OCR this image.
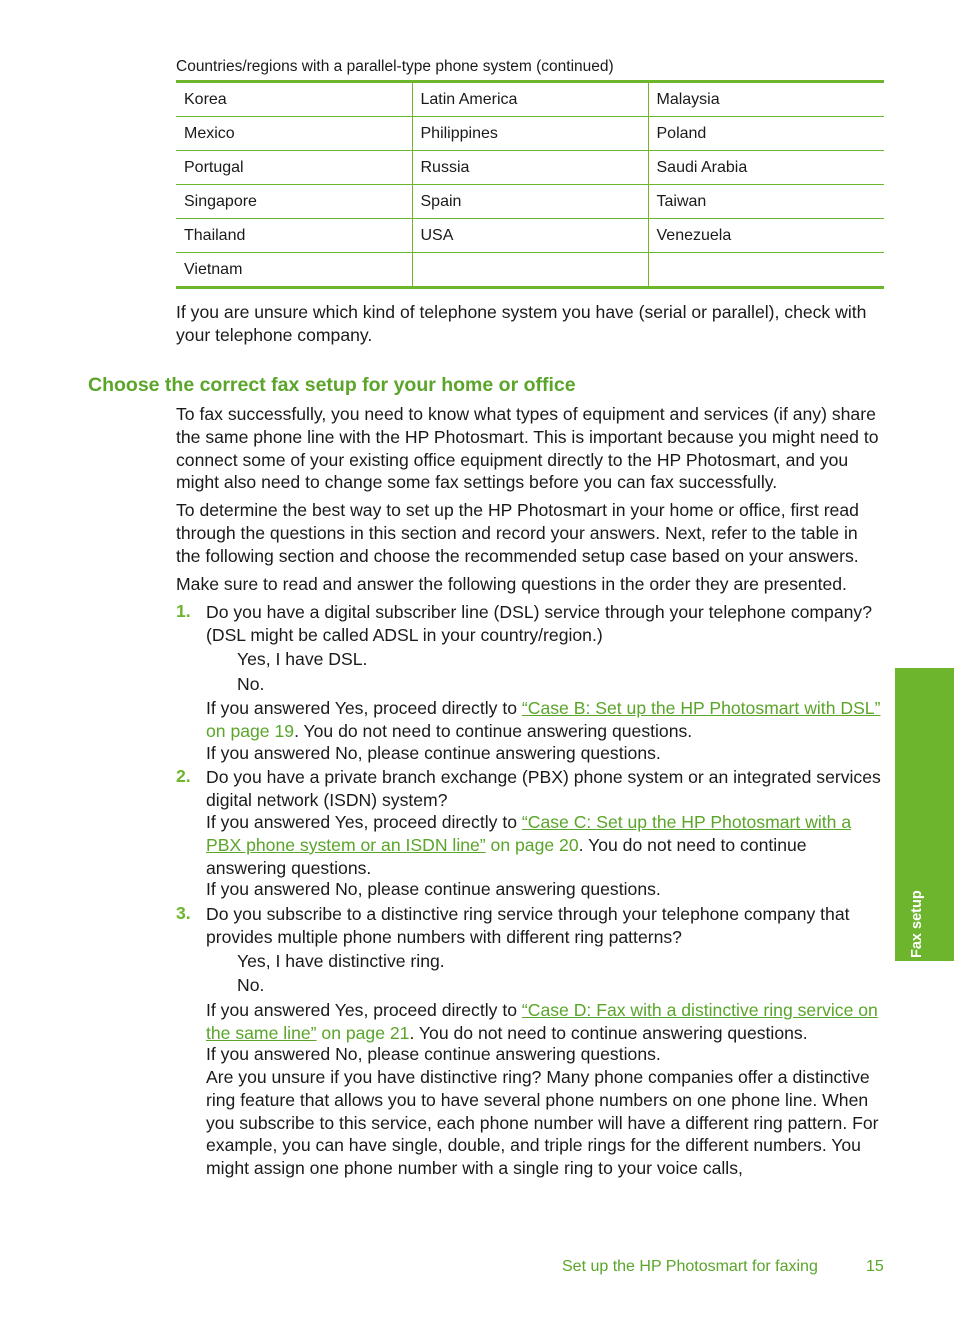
Countries/regions with a parallel-type phone system (continued)
Korea	Latin America	Malaysia
Mexico	Philippines	Poland
Portugal	Russia	Saudi Arabia
Singapore	Spain	Taiwan
Thailand	USA	Venezuela
Vietnam		

If you are unsure which kind of telephone system you have (serial or parallel), check with your telephone company.

Choose the correct fax setup for your home or office

To fax successfully, you need to know what types of equipment and services (if any) share the same phone line with the HP Photosmart. This is important because you might need to connect some of your existing office equipment directly to the HP Photosmart, and you might also need to change some fax settings before you can fax successfully.

To determine the best way to set up the HP Photosmart in your home or office, first read through the questions in this section and record your answers. Next, refer to the table in the following section and choose the recommended setup case based on your answers.

Make sure to read and answer the following questions in the order they are presented.

1. Do you have a digital subscriber line (DSL) service through your telephone company? (DSL might be called ADSL in your country/region.)

Yes, I have DSL.

No.

If you answered Yes, proceed directly to “Case B: Set up the HP Photosmart with DSL” on page 19. You do not need to continue answering questions.

If you answered No, please continue answering questions.

2. Do you have a private branch exchange (PBX) phone system or an integrated services digital network (ISDN) system?

If you answered Yes, proceed directly to “Case C: Set up the HP Photosmart with a PBX phone system or an ISDN line” on page 20. You do not need to continue answering questions.

If you answered No, please continue answering questions.

3. Do you subscribe to a distinctive ring service through your telephone company that provides multiple phone numbers with different ring patterns?

Yes, I have distinctive ring.

No.

If you answered Yes, proceed directly to “Case D: Fax with a distinctive ring service on the same line” on page 21. You do not need to continue answering questions.

If you answered No, please continue answering questions.

Are you unsure if you have distinctive ring? Many phone companies offer a distinctive ring feature that allows you to have several phone numbers on one phone line. When you subscribe to this service, each phone number will have a different ring pattern. For example, you can have single, double, and triple rings for the different numbers. You might assign one phone number with a single ring to your voice calls,

Fax setup
Set up the HP Photosmart for faxing	15
